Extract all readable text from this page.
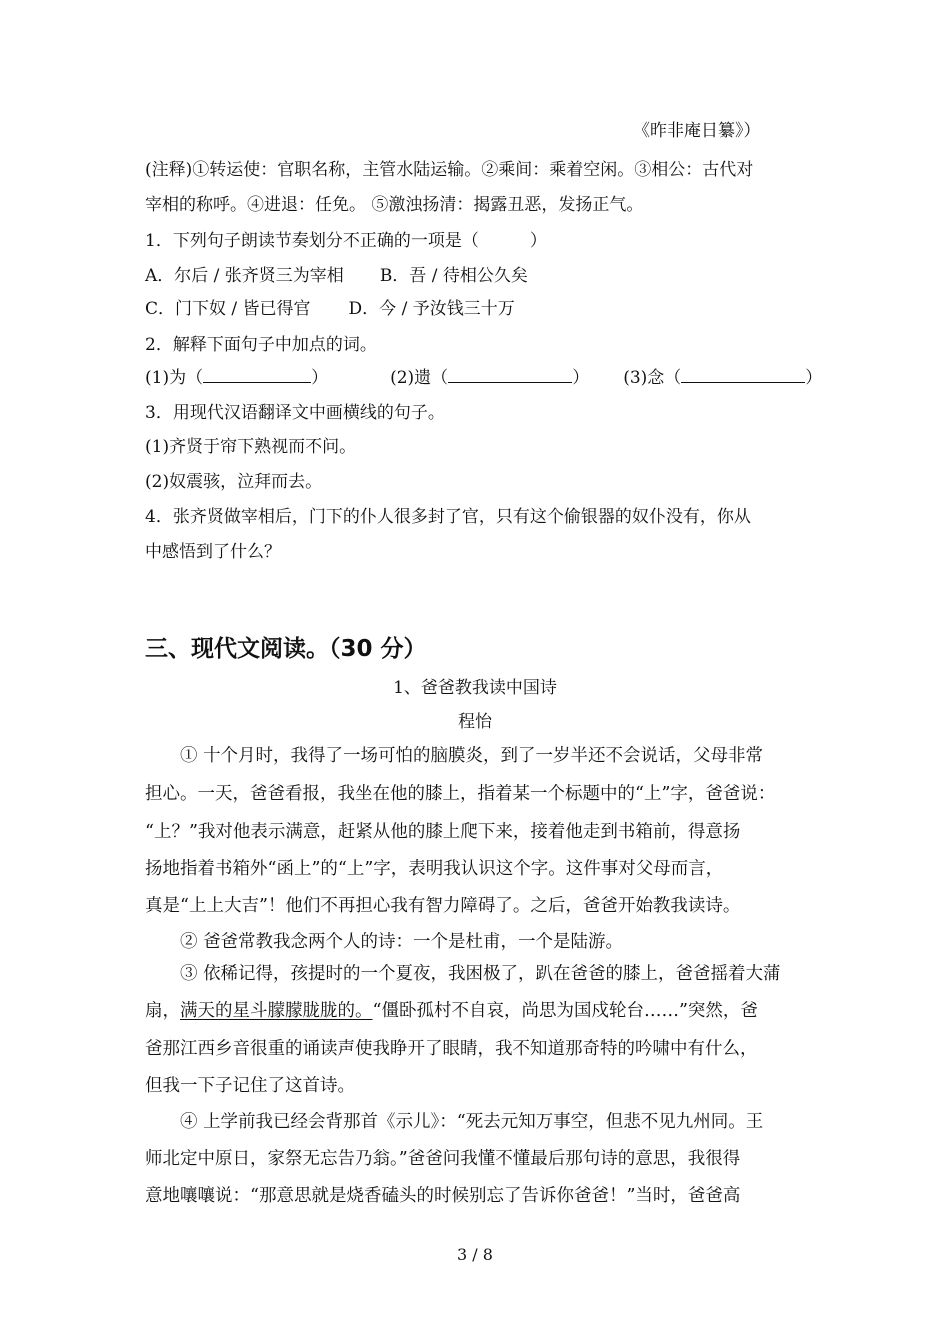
《昨非庵日纂》）
(注释)①转运使：官职名称，主管水陆运输。②乘间：乘着空闲。③相公：古代对
宰相的称呼。④进退：任免。 ⑤激浊扬清：揭露丑恶，发扬正气。
1．下列句子朗读节奏划分不正确的一项是（　　　）
A．尔后 / 张齐贤三为宰相 B．吾 / 待相公久矣
C．门下奴 / 皆已得官 D．今 / 予汝钱三十万
2．解释下面句子中加点的词。
(1)为（	）	(2)遗（	） (3)念（	）
3．用现代汉语翻译文中画横线的句子。
(1)齐贤于帘下熟视而不问。
(2)奴震骇，泣拜而去。
4．张齐贤做宰相后，门下的仆人很多封了官，只有这个偷银器的奴仆没有，你从
中感悟到了什么？
三、现代文阅读。（30 分）
1、爸爸教我读中国诗
程怡
　　① 十个月时，我得了一场可怕的脑膜炎，到了一岁半还不会说话，父母非常
担心。一天，爸爸看报，我坐在他的膝上，指着某一个标题中的“上”字，爸爸说：
“上？”我对他表示满意，赶紧从他的膝上爬下来，接着他走到书箱前，得意扬
扬地指着书箱外“函上”的“上”字，表明我认识这个字。这件事对父母而言，
真是“上上大吉”！他们不再担心我有智力障碍了。之后，爸爸开始教我读诗。
　　② 爸爸常教我念两个人的诗：一个是杜甫，一个是陆游。
　　③ 依稀记得，孩提时的一个夏夜，我困极了，趴在爸爸的膝上，爸爸摇着大蒲
扇，满天的星斗朦朦胧胧的。“僵卧孤村不自哀，尚思为国戍轮台……”突然，爸
爸那江西乡音很重的诵读声使我睁开了眼睛，我不知道那奇特的吟啸中有什么，
但我一下子记住了这首诗。
　　④ 上学前我已经会背那首《示儿》：“死去元知万事空，但悲不见九州同。王
师北定中原日，家祭无忘告乃翁。”爸爸问我懂不懂最后那句诗的意思，我很得
意地嚷嚷说：“那意思就是烧香磕头的时候别忘了告诉你爸爸！”当时，爸爸高
3 / 8
